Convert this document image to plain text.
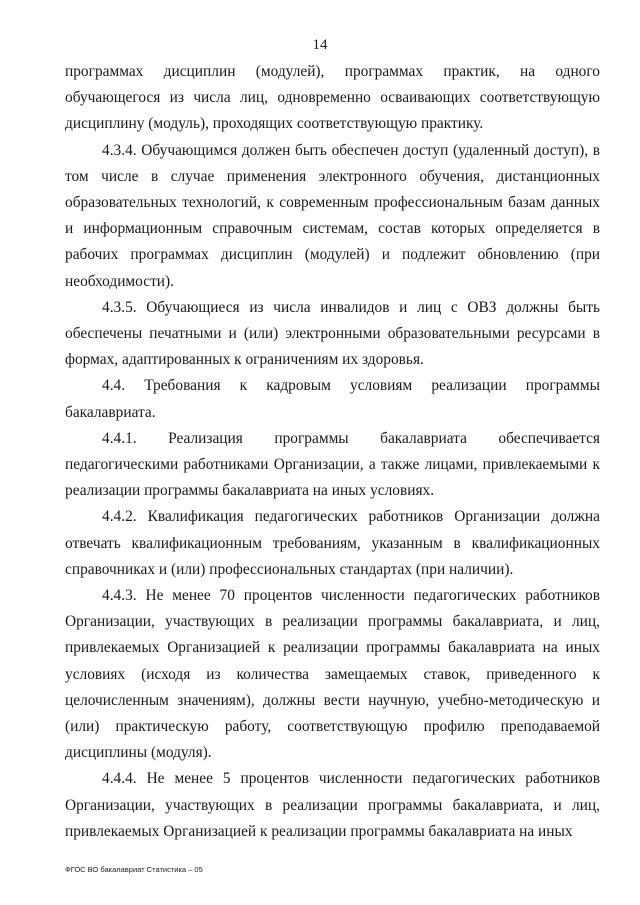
14

программах дисциплин (модулей), программах практик, на одного обучающегося из числа лиц, одновременно осваивающих соответствующую дисциплину (модуль), проходящих соответствующую практику.

4.3.4. Обучающимся должен быть обеспечен доступ (удаленный доступ), в том числе в случае применения электронного обучения, дистанционных образовательных технологий, к современным профессиональным базам данных и информационным справочным системам, состав которых определяется в рабочих программах дисциплин (модулей) и подлежит обновлению (при необходимости).

4.3.5. Обучающиеся из числа инвалидов и лиц с ОВЗ должны быть обеспечены печатными и (или) электронными образовательными ресурсами в формах, адаптированных к ограничениям их здоровья.

4.4. Требования к кадровым условиям реализации программы бакалавриата.

4.4.1. Реализация программы бакалавриата обеспечивается педагогическими работниками Организации, а также лицами, привлекаемыми к реализации программы бакалавриата на иных условиях.

4.4.2. Квалификация педагогических работников Организации должна отвечать квалификационным требованиям, указанным в квалификационных справочниках и (или) профессиональных стандартах (при наличии).

4.4.3. Не менее 70 процентов численности педагогических работников Организации, участвующих в реализации программы бакалавриата, и лиц, привлекаемых Организацией к реализации программы бакалавриата на иных условиях (исходя из количества замещаемых ставок, приведенного к целочисленным значениям), должны вести научную, учебно-методическую и (или) практическую работу, соответствующую профилю преподаваемой дисциплины (модуля).

4.4.4. Не менее 5 процентов численности педагогических работников Организации, участвующих в реализации программы бакалавриата, и лиц, привлекаемых Организацией к реализации программы бакалавриата на иных

ФГОС ВО бакалавриат Статистика – 05
